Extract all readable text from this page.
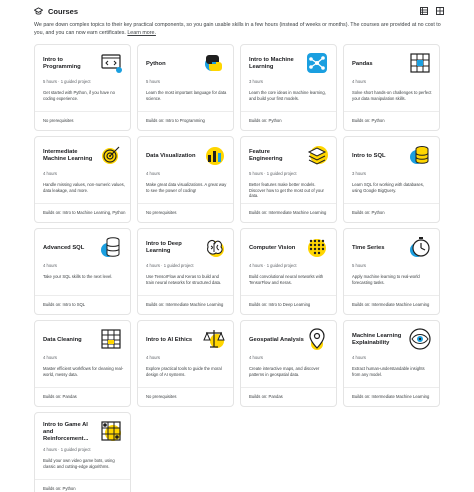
Courses

We pare down complex topics to their key practical components, so you gain usable skills in a few hours (instead of weeks or months). The courses are provided at no cost to you, and you can now earn certificates. Learn more.

Intro to Programming
5 hours · 1 guided project
Get started with Python, if you have no coding experience.
No prerequisites
Python
5 hours
Learn the most important language for data science.
Builds on: Intro to Programming
Intro to Machine Learning
3 hours
Learn the core ideas in machine learning, and build your first models.
Builds on: Python
Pandas
4 hours
Solve short hands-on challenges to perfect your data manipulation skills.
Builds on: Python
Intermediate Machine Learning
4 hours
Handle missing values, non-numeric values, data leakage, and more.
Builds on: Intro to Machine Learning, Python
Data Visualization
4 hours
Make great data visualizations. A great way to see the power of coding!
No prerequisites
Feature Engineering
5 hours · 1 guided project
Better features make better models. Discover how to get the most out of your data.
Builds on: Intermediate Machine Learning
Intro to SQL
3 hours
Learn SQL for working with databases, using Google BigQuery.
Builds on: Python
Advanced SQL
4 hours
Take your SQL skills to the next level.
Builds on: Intro to SQL
Intro to Deep Learning
4 hours · 1 guided project
Use TensorFlow and Keras to build and train neural networks for structured data.
Builds on: Intermediate Machine Learning
Computer Vision
4 hours · 1 guided project
Build convolutional neural networks with TensorFlow and Keras.
Builds on: Intro to Deep Learning
Time Series
5 hours
Apply machine learning to real-world forecasting tasks.
Builds on: Intermediate Machine Learning
Data Cleaning
4 hours
Master efficient workflows for cleaning real-world, messy data.
Builds on: Pandas
Intro to AI Ethics
4 hours
Explore practical tools to guide the moral design of AI systems.
No prerequisites
Geospatial Analysis
4 hours
Create interactive maps, and discover patterns in geospatial data.
Builds on: Pandas
Machine Learning Explainability
4 hours
Extract human-understandable insights from any model.
Builds on: Intermediate Machine Learning
Intro to Game AI and Reinforcement...
4 hours · 1 guided project
Build your own video game bots, using classic and cutting-edge algorithms.
Builds on: Python
